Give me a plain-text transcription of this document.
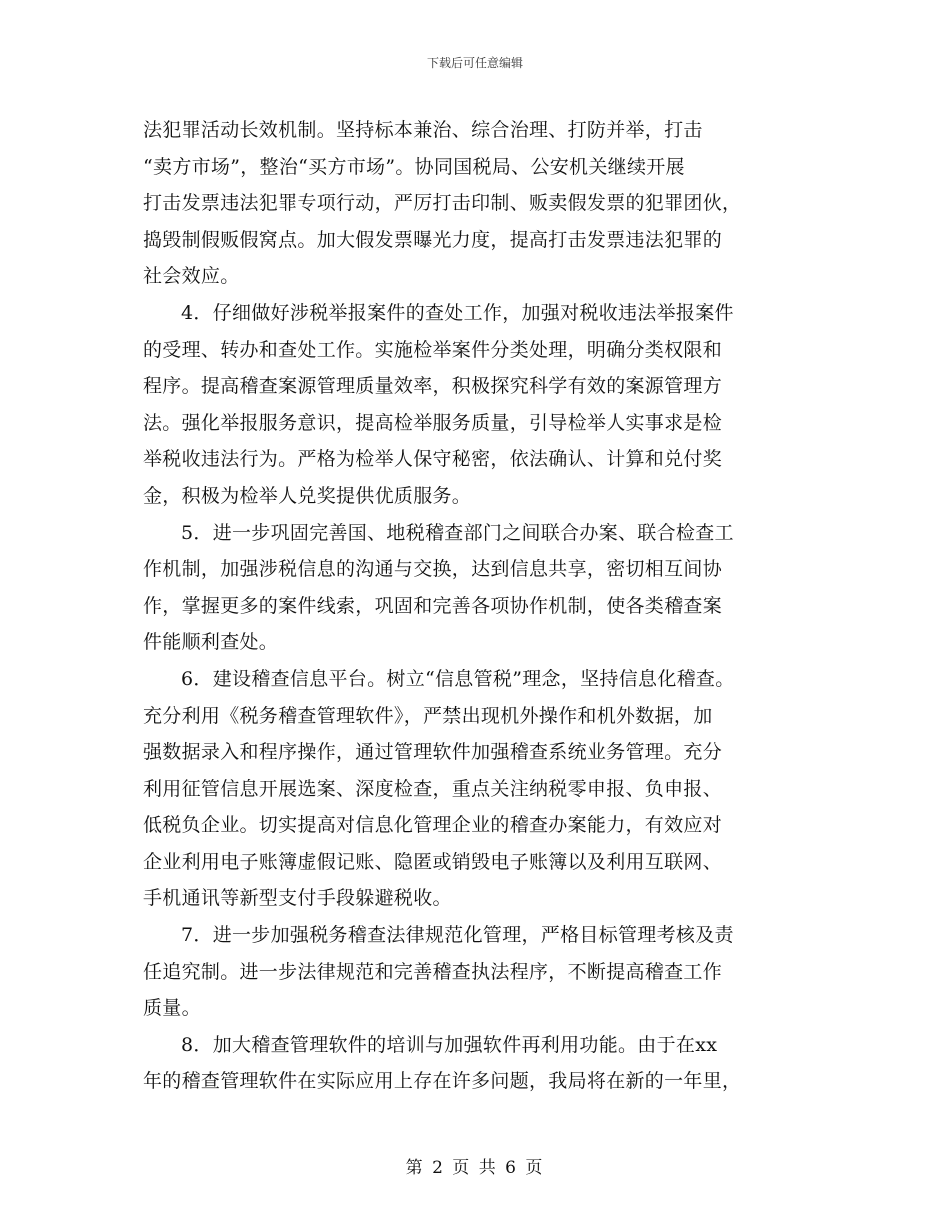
下载后可任意编辑
法犯罪活动长效机制。坚持标本兼治、综合治理、打防并举，打击
“卖方市场”，整治“买方市场”。协同国税局、公安机关继续开展
打击发票违法犯罪专项行动，严厉打击印制、贩卖假发票的犯罪团伙，
捣毁制假贩假窝点。加大假发票曝光力度，提高打击发票违法犯罪的
社会效应。
4．仔细做好涉税举报案件的查处工作，加强对税收违法举报案件
的受理、转办和查处工作。实施检举案件分类处理，明确分类权限和
程序。提高稽查案源管理质量效率，积极探究科学有效的案源管理方
法。强化举报服务意识，提高检举服务质量，引导检举人实事求是检
举税收违法行为。严格为检举人保守秘密，依法确认、计算和兑付奖
金，积极为检举人兑奖提供优质服务。
5．进一步巩固完善国、地税稽查部门之间联合办案、联合检查工
作机制，加强涉税信息的沟通与交换，达到信息共享，密切相互间协
作，掌握更多的案件线索，巩固和完善各项协作机制，使各类稽查案
件能顺利查处。
6．建设稽查信息平台。树立“信息管税”理念，坚持信息化稽查。
充分利用《税务稽查管理软件》，严禁出现机外操作和机外数据，加
强数据录入和程序操作，通过管理软件加强稽查系统业务管理。充分
利用征管信息开展选案、深度检查，重点关注纳税零申报、负申报、
低税负企业。切实提高对信息化管理企业的稽查办案能力，有效应对
企业利用电子账簿虚假记账、隐匿或销毁电子账簿以及利用互联网、
手机通讯等新型支付手段躲避税收。
7．进一步加强税务稽查法律规范化管理，严格目标管理考核及责
任追究制。进一步法律规范和完善稽查执法程序，不断提高稽查工作
质量。
8．加大稽查管理软件的培训与加强软件再利用功能。由于在xx
年的稽查管理软件在实际应用上存在许多问题，我局将在新的一年里，
第 2 页 共 6 页
